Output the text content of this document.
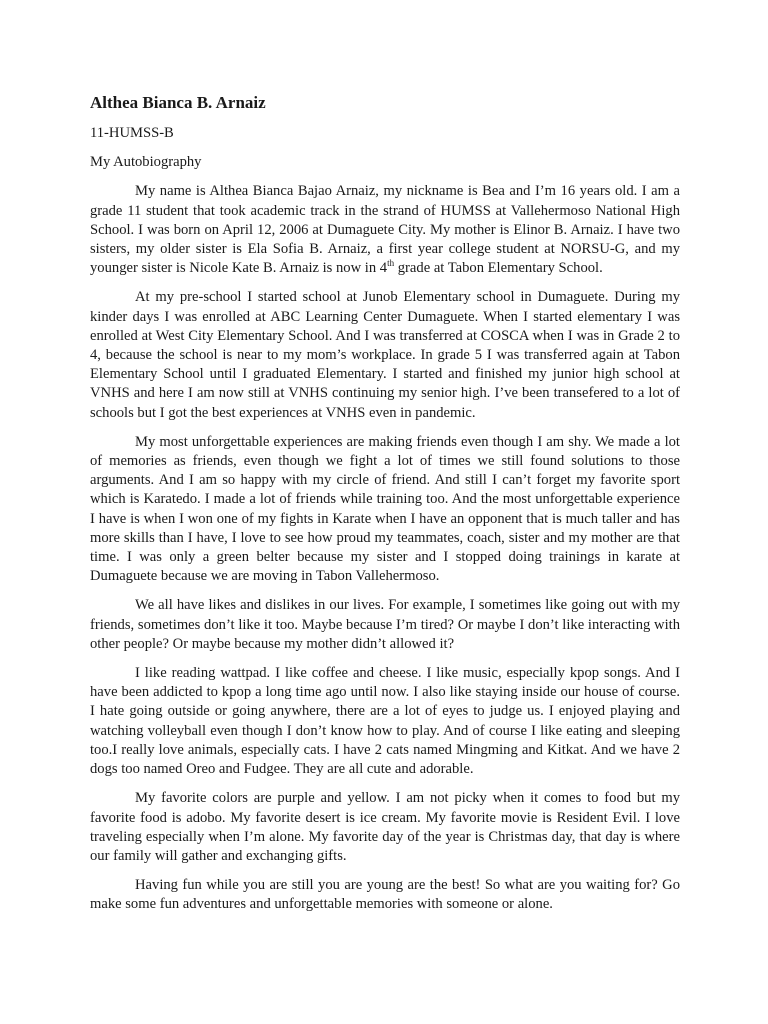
Althea Bianca B. Arnaiz
11-HUMSS-B
My Autobiography

My name is Althea Bianca Bajao Arnaiz, my nickname is Bea and I’m 16 years old. I am a grade 11 student that took academic track in the strand of HUMSS at Vallehermoso National High School. I was born on April 12, 2006 at Dumaguete City. My mother is Elinor B. Arnaiz. I have two sisters, my older sister is Ela Sofia B. Arnaiz, a first year college student at NORSU-G, and my younger sister is Nicole Kate B. Arnaiz is now in 4th grade at Tabon Elementary School.

At my pre-school I started school at Junob Elementary school in Dumaguete. During my kinder days I was enrolled at ABC Learning Center Dumaguete. When I started elementary I was enrolled at West City Elementary School. And I was transferred at COSCA when I was in Grade 2 to 4, because the school is near to my mom’s workplace. In grade 5 I was transferred again at Tabon Elementary School until I graduated Elementary. I started and finished my junior high school at VNHS and here I am now still at VNHS continuing my senior high. I’ve been transefered to a lot of schools but I got the best experiences at VNHS even in pandemic.

My most unforgettable experiences are making friends even though I am shy. We made a lot of memories as friends, even though we fight a lot of times we still found solutions to those arguments. And I am so happy with my circle of friend. And still I can’t forget my favorite sport which is Karatedo. I made a lot of friends while training too. And the most unforgettable experience I have is when I won one of my fights in Karate when I have an opponent that is much taller and has more skills than I have, I love to see how proud my teammates, coach, sister and my mother are that time. I was only a green belter because my sister and I stopped doing trainings in karate at Dumaguete because we are moving in Tabon Vallehermoso.

We all have likes and dislikes in our lives. For example, I sometimes like going out with my friends, sometimes don’t like it too. Maybe because I’m tired? Or maybe I don’t like interacting with other people? Or maybe because my mother didn’t allowed it?

I like reading wattpad. I like coffee and cheese. I like music, especially kpop songs. And I have been addicted to kpop a long time ago until now. I also like staying inside our house of course. I hate going outside or going anywhere, there are a lot of eyes to judge us. I enjoyed playing and watching volleyball even though I don’t know how to play. And of course I like eating and sleeping too.I really love animals, especially cats. I have 2 cats named Mingming and Kitkat. And we have 2 dogs too named Oreo and Fudgee. They are all cute and adorable.

My favorite colors are purple and yellow. I am not picky when it comes to food but my favorite food is adobo. My favorite desert is ice cream. My favorite movie is Resident Evil. I love traveling especially when I’m alone. My favorite day of the year is Christmas day, that day is where our family will gather and exchanging gifts.

Having fun while you are still you are young are the best! So what are you waiting for? Go make some fun adventures and unforgettable memories with someone or alone.
